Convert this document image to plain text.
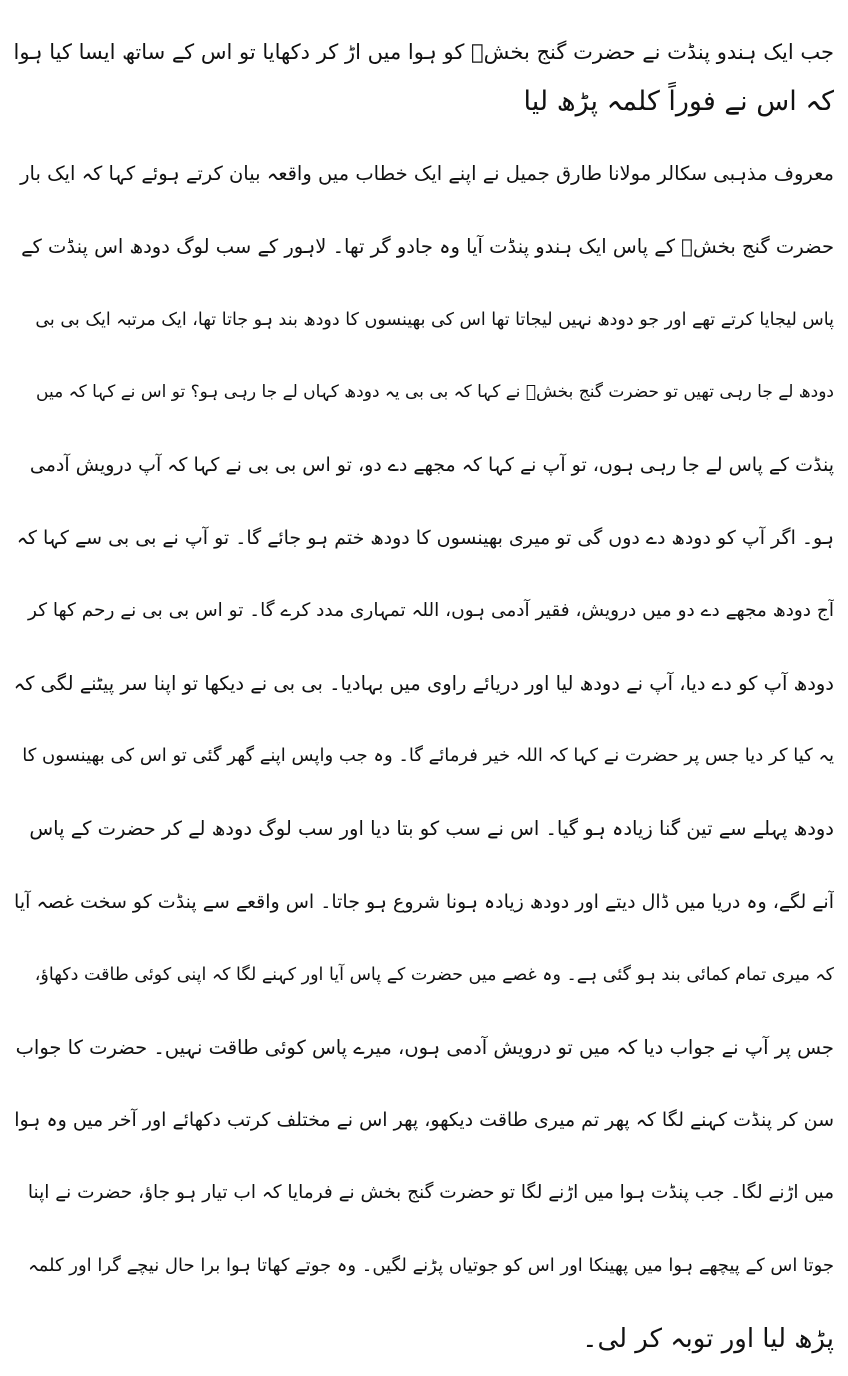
جب ایک ہندو پنڈت نے حضرت گنج بخشؒ کو ہوا میں اڑ کر دکھایا تو اس کے ساتھ ایسا کیا ہوا
کہ اس نے فوراً کلمہ پڑھ لیا
معروف مذہبی سکالر مولانا طارق جمیل نے اپنے ایک خطاب میں واقعہ بیان کرتے ہوئے کہا کہ ایک بار
حضرت گنج بخشؒ کے پاس ایک ہندو پنڈت آیا وہ جادو گر تھا۔ لاہور کے سب لوگ دودھ اس پنڈت کے
پاس لیجایا کرتے تھے اور جو دودھ نہیں لیجاتا تھا اس کی بھینسوں کا دودھ بند ہو جاتا تھا، ایک مرتبہ ایک بی بی
دودھ لے جا رہی تھیں تو حضرت گنج بخشؒ نے کہا کہ بی بی یہ دودھ کہاں لے جا رہی ہو؟ تو اس نے کہا کہ میں
پنڈت کے پاس لے جا رہی ہوں، تو آپ نے کہا کہ مجھے دے دو، تو اس بی بی نے کہا کہ آپ درویش آدمی
ہو۔ اگر آپ کو دودھ دے دوں گی تو میری بھینسوں کا دودھ ختم ہو جائے گا۔ تو آپ نے بی بی سے کہا کہ
آج دودھ مجھے دے دو میں درویش، فقیر آدمی ہوں، اللہ تمہاری مدد کرے گا۔ تو اس بی بی نے رحم کھا کر
دودھ آپ کو دے دیا، آپ نے دودھ لیا اور دریائے راوی میں بہادیا۔ بی بی نے دیکھا تو اپنا سر پیٹنے لگی کہ
یہ کیا کر دیا جس پر حضرت نے کہا کہ اللہ خیر فرمائے گا۔ وہ جب واپس اپنے گھر گئی تو اس کی بھینسوں کا
دودھ پہلے سے تین گنا زیادہ ہو گیا۔ اس نے سب کو بتا دیا اور سب لوگ دودھ لے کر حضرت کے پاس
آنے لگے، وہ دریا میں ڈال دیتے اور دودھ زیادہ ہونا شروع ہو جاتا۔ اس واقعے سے پنڈت کو سخت غصہ آیا
کہ میری تمام کمائی بند ہو گئی ہے۔ وہ غصے میں حضرت کے پاس آیا اور کہنے لگا کہ اپنی کوئی طاقت دکھاؤ،
جس پر آپ نے جواب دیا کہ میں تو درویش آدمی ہوں، میرے پاس کوئی طاقت نہیں۔ حضرت کا جواب
سن کر پنڈت کہنے لگا کہ پھر تم میری طاقت دیکھو، پھر اس نے مختلف کرتب دکھائے اور آخر میں وہ ہوا
میں اڑنے لگا۔ جب پنڈت ہوا میں اڑنے لگا تو حضرت گنج بخش نے فرمایا کہ اب تیار ہو جاؤ، حضرت نے اپنا
جوتا اس کے پیچھے ہوا میں پھینکا اور اس کو جوتیاں پڑنے لگیں۔ وہ جوتے کھاتا ہوا برا حال نیچے گرا اور کلمہ
پڑھ لیا اور توبہ کر لی۔
